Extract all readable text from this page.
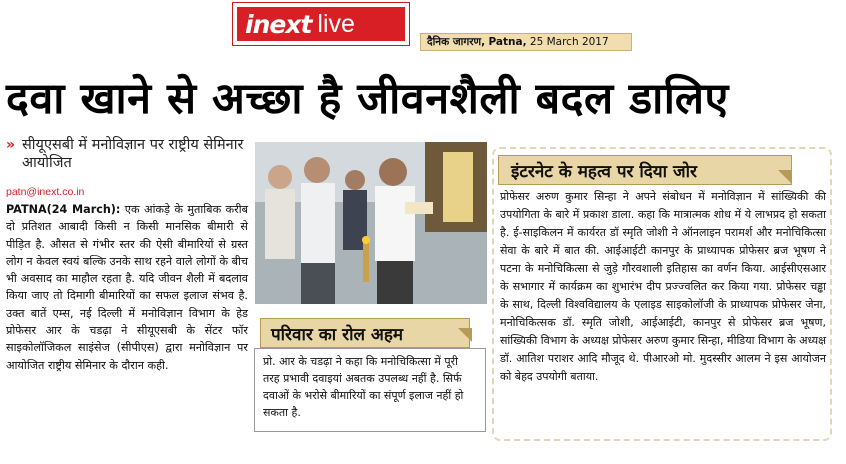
inext live
दैनिक जागरण,
Patna,
25 March 2017
दवा खाने से अच्छा है जीवनशैली बदल डालिए
» सीयूएसबी में मनोविज्ञान पर राष्ट्रीय सेमिनार आयोजित
patn@inext.co.in
PATNA(24 March): एक आंकड़े के मुताबिक करीब दो प्रतिशत आबादी किसी न किसी मानसिक बीमारी से पीड़ित है. औसत से गंभीर स्तर की ऐसी बीमारियों से ग्रस्त लोग न केवल स्वयं बल्कि उनके साथ रहने वाले लोगों के बीच भी अवसाद का माहौल रहता है. यदि जीवन शैली में बदलाव किया जाए तो दिमागी बीमारियों का सफल इलाज संभव है. उक्त बातें एम्स, नई दिल्ली में मनोविज्ञान विभाग के हेड प्रोफेसर आर के चडढ़ा ने सीयूएसबी के सेंटर फॉर साइकोलॉजिकल साइंसेज (सीपीएस) द्वारा मनोविज्ञान पर आयोजित राष्ट्रीय सेमिनार के दौरान कही.
परिवार का रोल अहम
प्रो. आर के चडढ़ा ने कहा कि मनोचिकित्सा में पूरी तरह प्रभावी दवाइयां अबतक उपलब्ध नहीं है. सिर्फ दवाओं के भरोसे बीमारियों का संपूर्ण इलाज नहीं हो सकता है.
इंटरनेट के महत्व पर दिया जोर
प्रोफेसर अरुण कुमार सिन्हा ने अपने संबोधन में मनोविज्ञान में सांख्यिकी की उपयोगिता के बारे में प्रकाश डाला. कहा कि मात्रात्मक शोध में ये लाभप्रद हो सकता है. ई-साइकिलन में कार्यरत डॉ स्मृति जोशी ने ऑनलाइन परामर्श और मनोचिकित्सा सेवा के बारे में बात की. आईआईटी कानपुर के प्राध्यापक प्रोफेसर ब्रज भूषण ने पटना के मनोचिकित्सा से जुड़े गौरवशाली इतिहास का वर्णन किया. आईसीएसआर के सभागार में कार्यक्रम का शुभारंभ दीप प्रज्ज्वलित कर किया गया. प्रोफेसर चड्ढा के साथ, दिल्ली विश्वविद्यालय के एलाइड साइकोलॉजी के प्राध्यापक प्रोफेसर जेना, मनोचिकित्सक डॉ. स्मृति जोशी, आईआईटी, कानपुर से प्रोफेसर ब्रज भूषण, सांख्यिकी विभाग के अध्यक्ष प्रोफेसर अरुण कुमार सिन्हा, मीडिया विभाग के अध्यक्ष डॉ. आतिश पराशर आदि मौजूद थे. पीआरओ मो. मुदस्सीर आलम ने इस आयोजन को बेहद उपयोगी बताया.
